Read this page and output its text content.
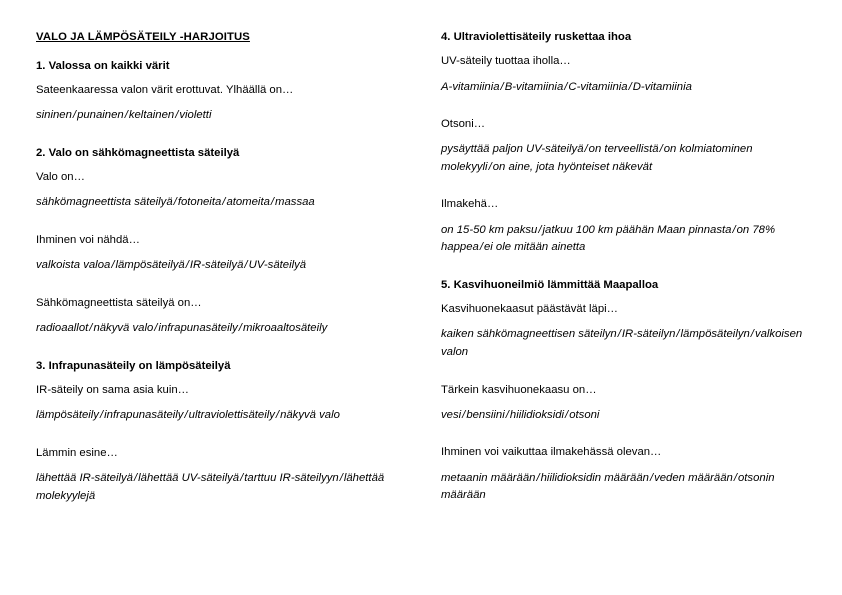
VALO JA LÄMPÖSÄTEILY -HARJOITUS
1. Valossa on kaikki värit
Sateenkaaressa valon värit erottuvat. Ylhäällä on…
sininen/punainen/keltainen/violetti
2. Valo on sähkömagneettista säteilyä
Valo on…
sähkömagneettista säteilyä/fotoneita/atomeita/massaa
Ihminen voi nähdä…
valkoista valoa/lämpösäteilyä/IR-säteilyä/UV-säteilyä
Sähkömagneettista säteilyä on…
radioaallot/näkyvä valo/infrapunasäteily/mikroaaltosäteily
3. Infrapunasäteily on lämpösäteilyä
IR-säteily on sama asia kuin…
lämpösäteily/infrapunasäteily/ultraviolettisäteily/näkyvä valo
Lämmin esine…
lähettää IR-säteilyä/lähettää UV-säteilyä/tarttuu IR-säteilyyn/lähettää molekyylejä
4. Ultraviolettisäteily ruskettaa ihoa
UV-säteily tuottaa iholla…
A-vitamiinia/B-vitamiinia/C-vitamiinia/D-vitamiinia
Otsoni…
pysäyttää paljon UV-säteilyä/on terveellistä/on kolmiatominen molekyyli/on aine, jota hyönteiset näkevät
Ilmakehä…
on 15-50 km paksu/jatkuu 100 km päähän Maan pinnasta/on 78% happea/ei ole mitään ainetta
5. Kasvihuoneilmiö lämmittää Maapalloa
Kasvihuonekaasut päästävät läpi…
kaiken sähkömagneettisen säteilyn/IR-säteilyn/lämpösäteilyn/valkoisen valon
Tärkein kasvihuonekaasu on…
vesi/bensiini/hiilidioksidi/otsoni
Ihminen voi vaikuttaa ilmakehässä olevan…
metaanin määrään/hiilidioksidin määrään/veden määrään/otsonin määrään
